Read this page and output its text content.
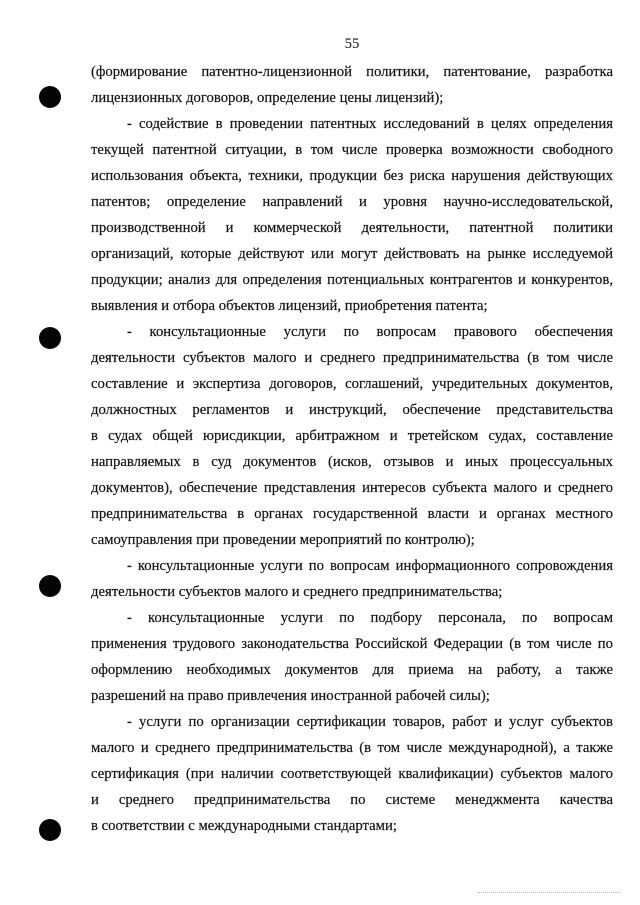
55
(формирование патентно-лицензионной политики, патентование, разработка
лицензионных договоров, определение цены лицензий);
- содействие в проведении патентных исследований в целях определения
текущей патентной ситуации, в том числе проверка возможности свободного
использования объекта, техники, продукции без риска нарушения действующих
патентов; определение направлений и уровня научно-исследовательской,
производственной и коммерческой деятельности, патентной политики
организаций, которые действуют или могут действовать на рынке исследуемой
продукции; анализ для определения потенциальных контрагентов и конкурентов,
выявления и отбора объектов лицензий, приобретения патента;
- консультационные услуги по вопросам правового обеспечения
деятельности субъектов малого и среднего предпринимательства (в том числе
составление и экспертиза договоров, соглашений, учредительных документов,
должностных регламентов и инструкций, обеспечение представительства
в судах общей юрисдикции, арбитражном и третейском судах, составление
направляемых в суд документов (исков, отзывов и иных процессуальных
документов), обеспечение представления интересов субъекта малого и среднего
предпринимательства в органах государственной власти и органах местного
самоуправления при проведении мероприятий по контролю);
- консультационные услуги по вопросам информационного сопровождения
деятельности субъектов малого и среднего предпринимательства;
- консультационные услуги по подбору персонала, по вопросам
применения трудового законодательства Российской Федерации (в том числе по
оформлению необходимых документов для приема на работу, а также
разрешений на право привлечения иностранной рабочей силы);
- услуги по организации сертификации товаров, работ и услуг субъектов
малого и среднего предпринимательства (в том числе международной), а также
сертификация (при наличии соответствующей квалификации) субъектов малого
и среднего предпринимательства по системе менеджмента качества
в соответствии с международными стандартами;
